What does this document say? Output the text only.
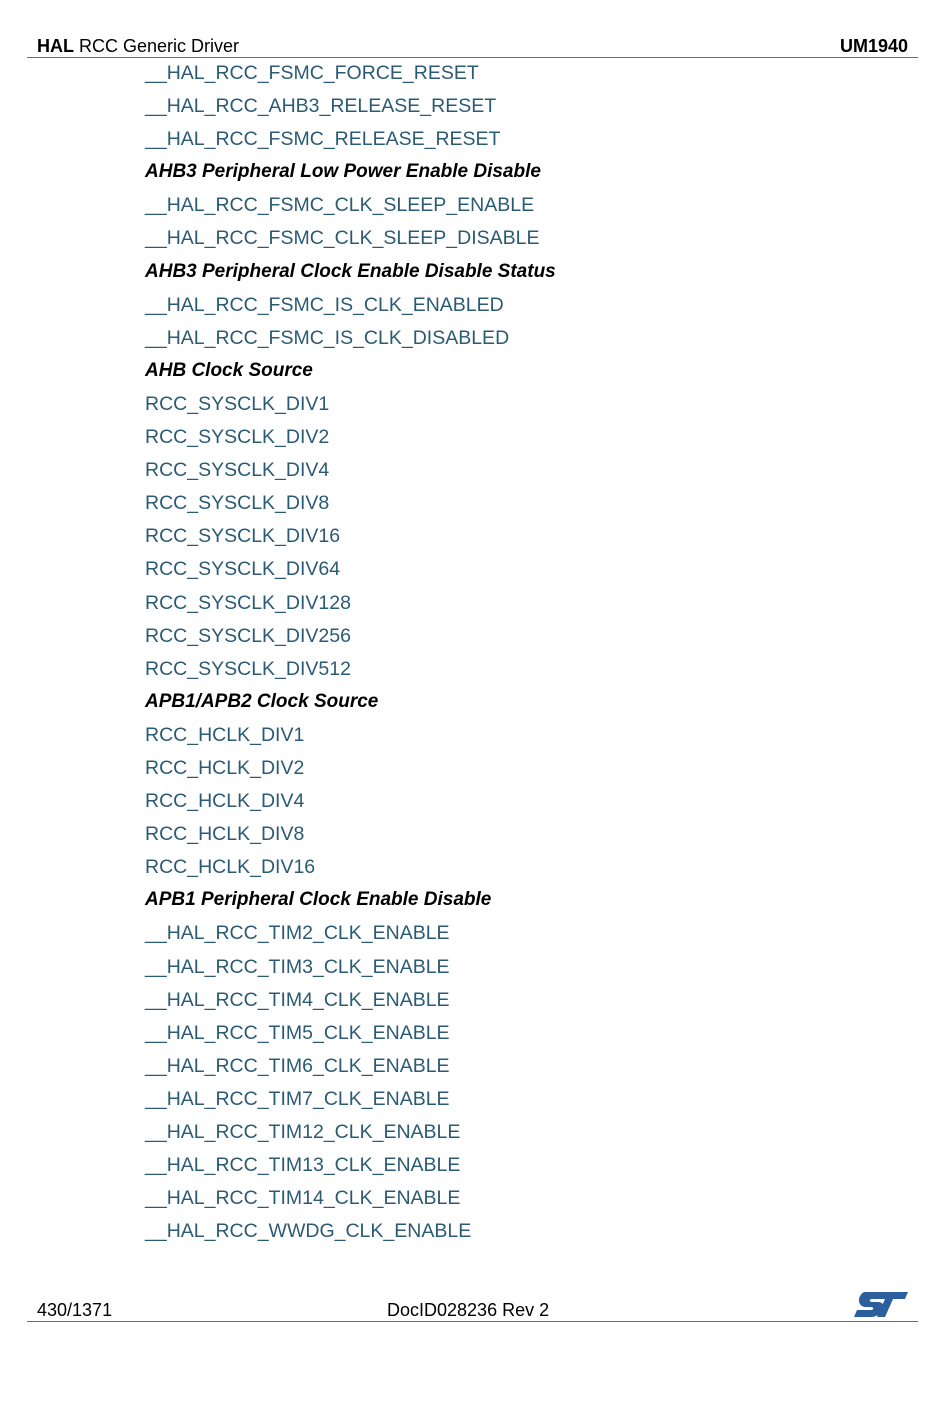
HAL RCC Generic Driver	UM1940
__HAL_RCC_FSMC_FORCE_RESET
__HAL_RCC_AHB3_RELEASE_RESET
__HAL_RCC_FSMC_RELEASE_RESET
AHB3 Peripheral Low Power Enable Disable
__HAL_RCC_FSMC_CLK_SLEEP_ENABLE
__HAL_RCC_FSMC_CLK_SLEEP_DISABLE
AHB3 Peripheral Clock Enable Disable Status
__HAL_RCC_FSMC_IS_CLK_ENABLED
__HAL_RCC_FSMC_IS_CLK_DISABLED
AHB Clock Source
RCC_SYSCLK_DIV1
RCC_SYSCLK_DIV2
RCC_SYSCLK_DIV4
RCC_SYSCLK_DIV8
RCC_SYSCLK_DIV16
RCC_SYSCLK_DIV64
RCC_SYSCLK_DIV128
RCC_SYSCLK_DIV256
RCC_SYSCLK_DIV512
APB1/APB2 Clock Source
RCC_HCLK_DIV1
RCC_HCLK_DIV2
RCC_HCLK_DIV4
RCC_HCLK_DIV8
RCC_HCLK_DIV16
APB1 Peripheral Clock Enable Disable
__HAL_RCC_TIM2_CLK_ENABLE
__HAL_RCC_TIM3_CLK_ENABLE
__HAL_RCC_TIM4_CLK_ENABLE
__HAL_RCC_TIM5_CLK_ENABLE
__HAL_RCC_TIM6_CLK_ENABLE
__HAL_RCC_TIM7_CLK_ENABLE
__HAL_RCC_TIM12_CLK_ENABLE
__HAL_RCC_TIM13_CLK_ENABLE
__HAL_RCC_TIM14_CLK_ENABLE
__HAL_RCC_WWDG_CLK_ENABLE
430/1371	DocID028236 Rev 2
